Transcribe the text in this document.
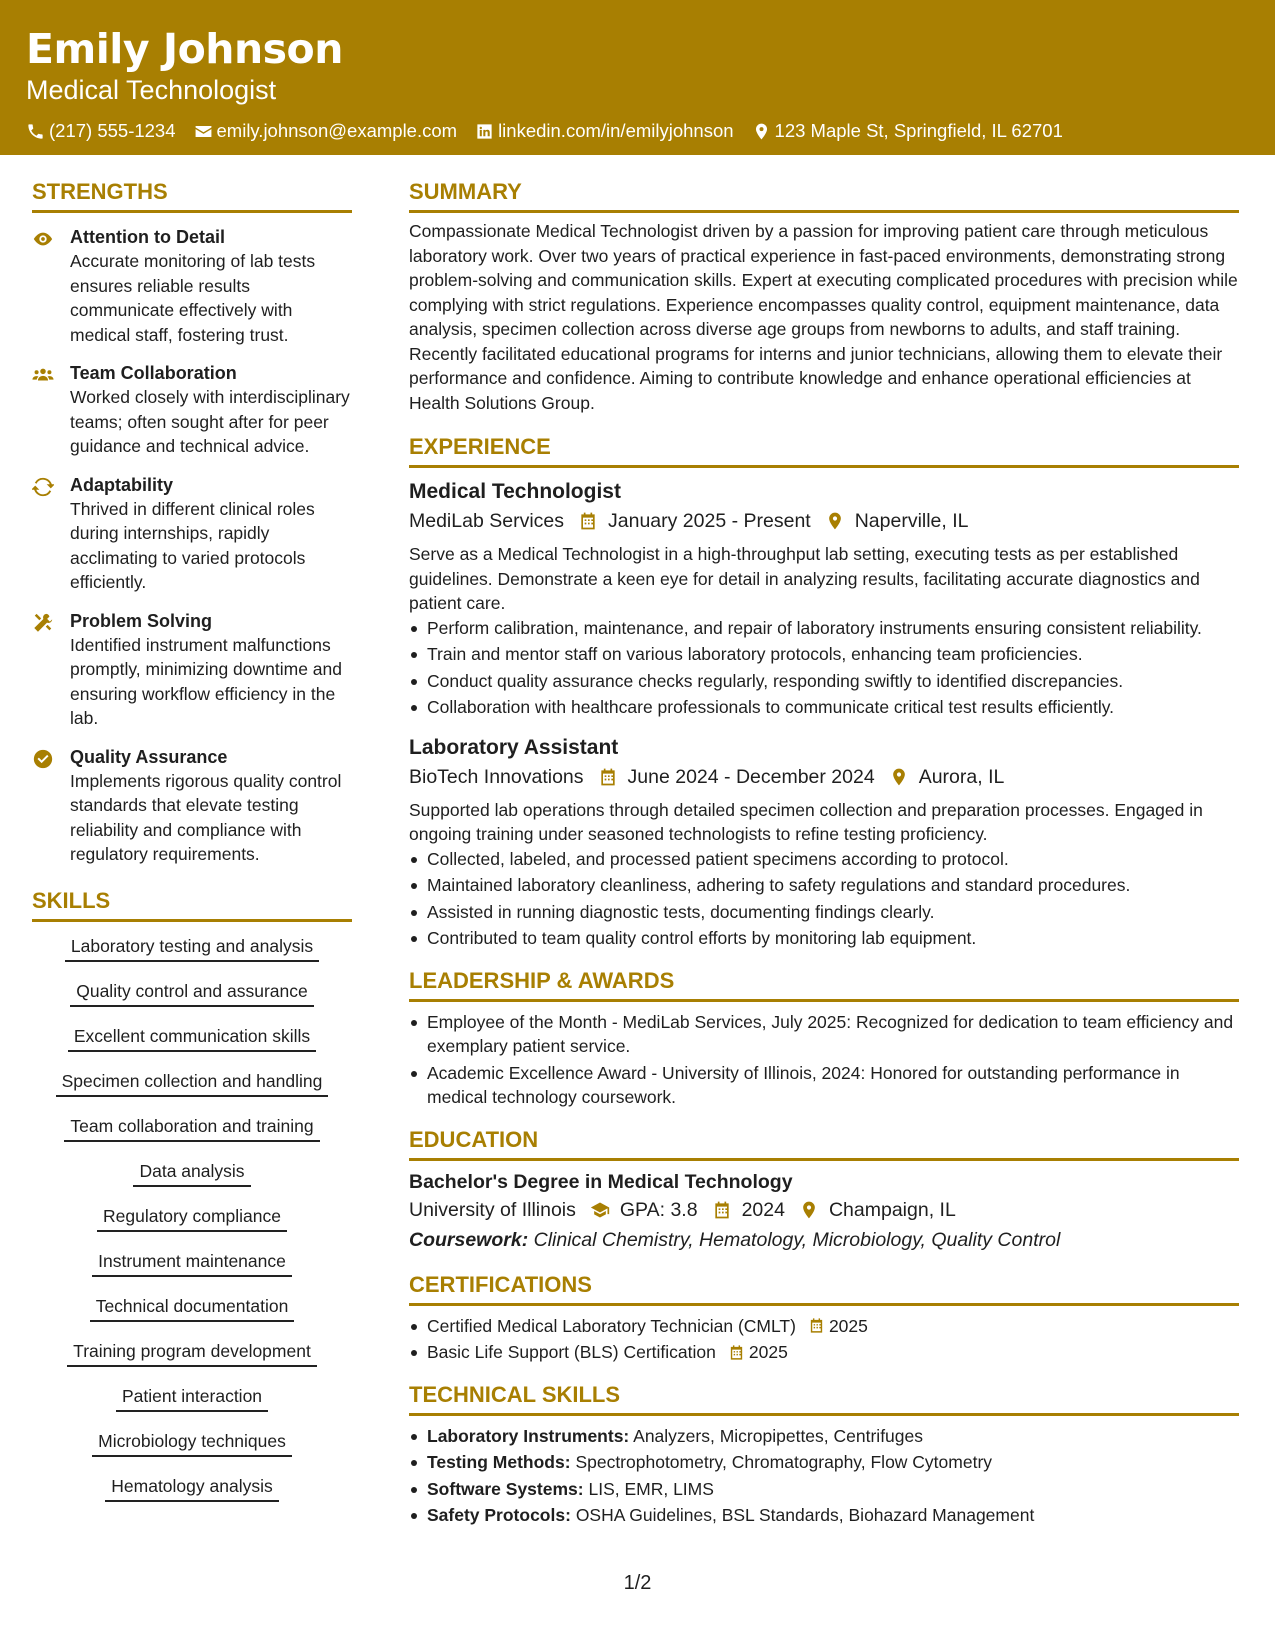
Emily Johnson
Medical Technologist
(217) 555-1234 emily.johnson@example.com linkedin.com/in/emilyjohnson 123 Maple St, Springfield, IL 62701
STRENGTHS
Attention to Detail
Accurate monitoring of lab tests ensures reliable results communicate effectively with medical staff, fostering trust.
Team Collaboration
Worked closely with interdisciplinary teams; often sought after for peer guidance and technical advice.
Adaptability
Thrived in different clinical roles during internships, rapidly acclimating to varied protocols efficiently.
Problem Solving
Identified instrument malfunctions promptly, minimizing downtime and ensuring workflow efficiency in the lab.
Quality Assurance
Implements rigorous quality control standards that elevate testing reliability and compliance with regulatory requirements.
SKILLS
Laboratory testing and analysis
Quality control and assurance
Excellent communication skills
Specimen collection and handling
Team collaboration and training
Data analysis
Regulatory compliance
Instrument maintenance
Technical documentation
Training program development
Patient interaction
Microbiology techniques
Hematology analysis
SUMMARY
Compassionate Medical Technologist driven by a passion for improving patient care through meticulous laboratory work. Over two years of practical experience in fast-paced environments, demonstrating strong problem-solving and communication skills. Expert at executing complicated procedures with precision while complying with strict regulations. Experience encompasses quality control, equipment maintenance, data analysis, specimen collection across diverse age groups from newborns to adults, and staff training. Recently facilitated educational programs for interns and junior technicians, allowing them to elevate their performance and confidence. Aiming to contribute knowledge and enhance operational efficiencies at Health Solutions Group.
EXPERIENCE
Medical Technologist
MediLab Services January 2025 - Present Naperville, IL
Serve as a Medical Technologist in a high-throughput lab setting, executing tests as per established guidelines. Demonstrate a keen eye for detail in analyzing results, facilitating accurate diagnostics and patient care.
Perform calibration, maintenance, and repair of laboratory instruments ensuring consistent reliability.
Train and mentor staff on various laboratory protocols, enhancing team proficiencies.
Conduct quality assurance checks regularly, responding swiftly to identified discrepancies.
Collaboration with healthcare professionals to communicate critical test results efficiently.
Laboratory Assistant
BioTech Innovations June 2024 - December 2024 Aurora, IL
Supported lab operations through detailed specimen collection and preparation processes. Engaged in ongoing training under seasoned technologists to refine testing proficiency.
Collected, labeled, and processed patient specimens according to protocol.
Maintained laboratory cleanliness, adhering to safety regulations and standard procedures.
Assisted in running diagnostic tests, documenting findings clearly.
Contributed to team quality control efforts by monitoring lab equipment.
LEADERSHIP & AWARDS
Employee of the Month - MediLab Services, July 2025: Recognized for dedication to team efficiency and exemplary patient service.
Academic Excellence Award - University of Illinois, 2024: Honored for outstanding performance in medical technology coursework.
EDUCATION
Bachelor's Degree in Medical Technology
University of Illinois GPA: 3.8 2024 Champaign, IL
Coursework: Clinical Chemistry, Hematology, Microbiology, Quality Control
CERTIFICATIONS
Certified Medical Laboratory Technician (CMLT) 2025
Basic Life Support (BLS) Certification 2025
TECHNICAL SKILLS
Laboratory Instruments: Analyzers, Micropipettes, Centrifuges
Testing Methods: Spectrophotometry, Chromatography, Flow Cytometry
Software Systems: LIS, EMR, LIMS
Safety Protocols: OSHA Guidelines, BSL Standards, Biohazard Management
1/2
